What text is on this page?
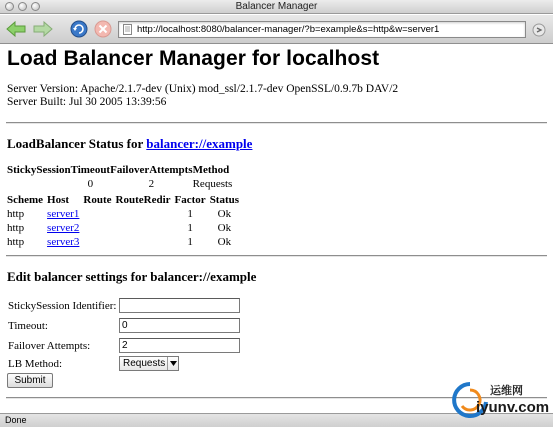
Balancer Manager
http://localhost:8080/balancer-manager/?b=example&s=http&w=server1
Load Balancer Manager for localhost
Server Version: Apache/2.1.7-dev (Unix) mod_ssl/2.1.7-dev OpenSSL/0.9.7b DAV/2
Server Built: Jul 30 2005 13:39:56
LoadBalancer Status for balancer://example
StickySession	Timeout	FailoverAttempts	Method
	0	2	Requests
Scheme	Host	Route	RouteRedir	Factor	Status
http	server1			1	Ok
http	server2			1	Ok
http	server3			1	Ok
Edit balancer settings for balancer://example
StickySession Identifier:
Timeout:
0
Failover Attempts:
2
LB Method:	Requests
Submit
Done
运维网
iyunv.com
